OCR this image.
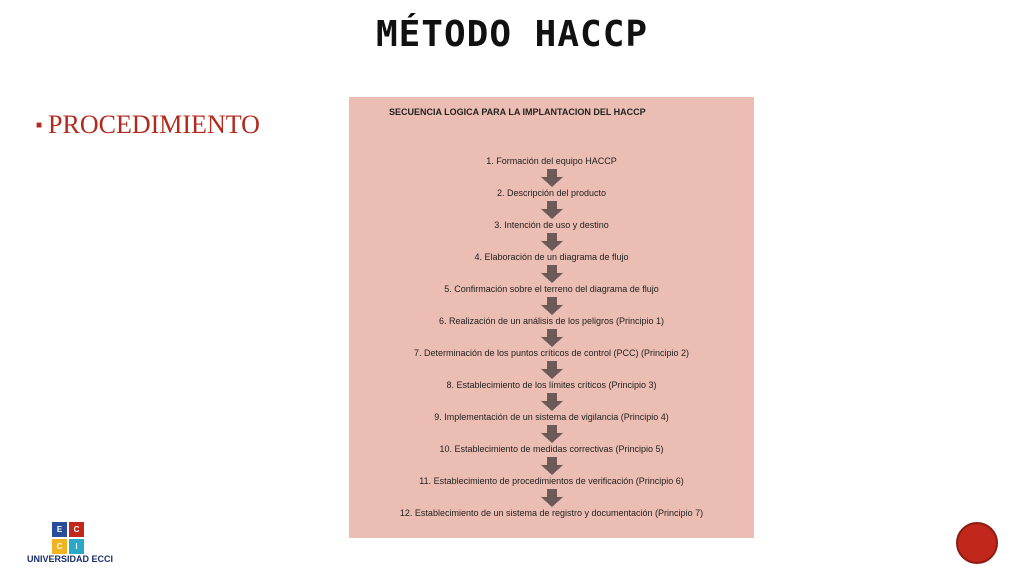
MÉTODO HACCP
■ PROCEDIMIENTO	SECUENCIA LOGICA PARA LA IMPLANTACION DEL HACCP
1. Formación del equipo HACCP
2. Descripción del producto
3. Intención de uso y destino
4. Elaboración de un diagrama de flujo
5. Confirmación sobre el terreno del diagrama de flujo
6. Realización de un análisis de los peligros (Principio 1)
7. Determinación de los puntos críticos de control (PCC) (Principio 2)
8. Establecimiento de los límites críticos (Principio 3)
9. Implementación de un sistema de vigilancia (Principio 4)
10. Establecimiento de medidas correctivas (Principio 5)
11. Establecimiento de procedimientos de verificación (Principio 6)
12. Establecimiento de un sistema de registro y documentación (Principio 7)
E	C
C	I
UNIVERSIDAD ECCI
